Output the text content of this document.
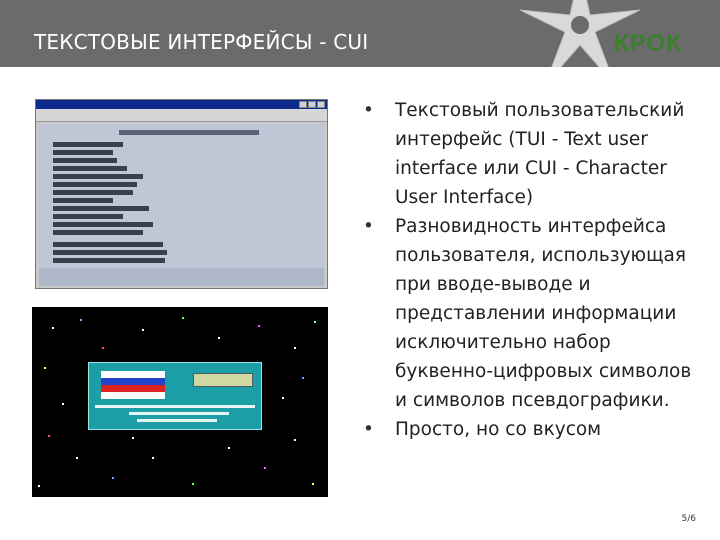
ТЕКСТОВЫЕ ИНТЕРФЕЙСЫ - CUI	КРОК
• Текстовый пользовательский интерфейс (TUI - Text user interface или CUI - Character User Interface)
• Разновидность интерфейса пользователя, использующая при вводе-выводе и представлении информации исключительно набор буквенно-цифровых символов и символов псевдографики.
• Просто, но со вкусом
5/6
